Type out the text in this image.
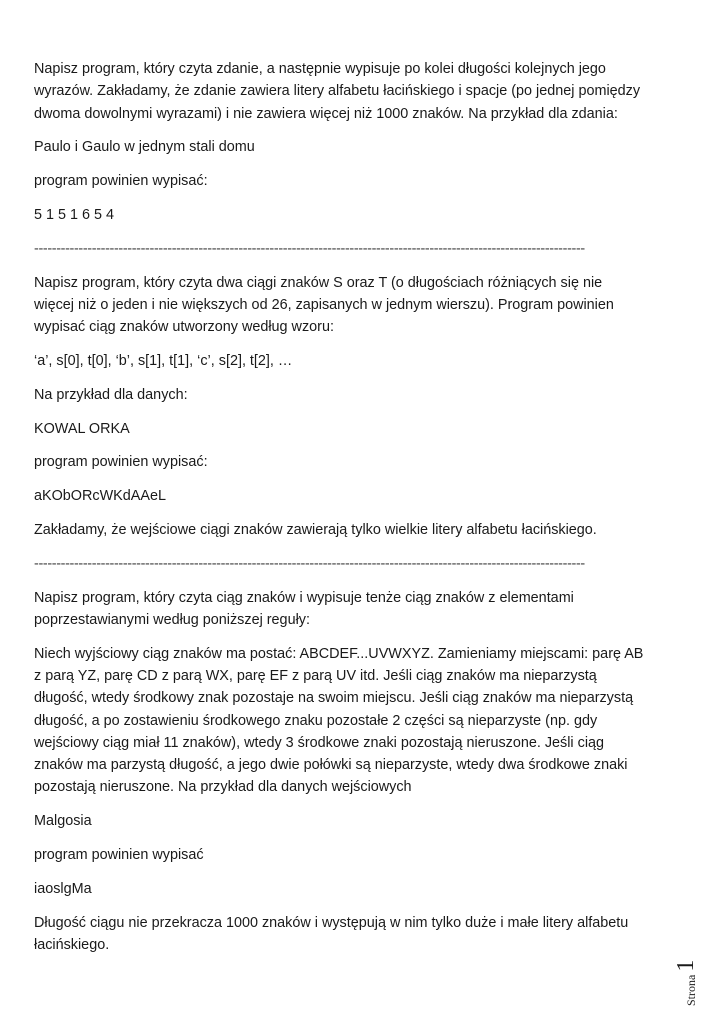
Napisz program, który czyta zdanie, a następnie wypisuje po kolei długości kolejnych jego wyrazów. Zakładamy, że zdanie zawiera litery alfabetu łacińskiego i spacje (po jednej pomiędzy dwoma dowolnymi wyrazami) i nie zawiera więcej niż 1000 znaków. Na przykład dla zdania:

Paulo i Gaulo w jednym stali domu

program powinien wypisać:

5 1 5 1 6 5 4

----------------------------------------------------------------------------------------------------------------------------

Napisz program, który czyta dwa ciągi znaków S oraz T (o długościach różniących się nie więcej niż o jeden i nie większych od 26, zapisanych w jednym wierszu). Program powinien wypisać ciąg znaków utworzony według wzoru:

‘a’, s[0], t[0], ‘b’, s[1], t[1], ‘c’, s[2], t[2], …

Na przykład dla danych:

KOWAL ORKA

program powinien wypisać:

aKObORcWKdAAeL

Zakładamy, że wejściowe ciągi znaków zawierają tylko wielkie litery alfabetu łacińskiego.

----------------------------------------------------------------------------------------------------------------------------

Napisz program, który czyta ciąg znaków i wypisuje tenże ciąg znaków z elementami poprzestawianymi według poniższej reguły:

Niech wyjściowy ciąg znaków ma postać: ABCDEF...UVWXYZ. Zamieniamy miejscami: parę AB z parą YZ, parę CD z parą WX, parę EF z parą UV itd. Jeśli ciąg znaków ma nieparzystą długość, wtedy środkowy znak pozostaje na swoim miejscu. Jeśli ciąg znaków ma nieparzystą długość, a po zostawieniu środkowego znaku pozostałe 2 części są nieparzyste (np. gdy wejściowy ciąg miał 11 znaków), wtedy 3 środkowe znaki pozostają nieruszone. Jeśli ciąg znaków ma parzystą długość, a jego dwie połówki są nieparzyste, wtedy dwa środkowe znaki pozostają nieruszone. Na przykład dla danych wejściowych

Malgosia

program powinien wypisać

iaoslgMa

Długość ciągu nie przekracza 1000 znaków i występują w nim tylko duże i małe litery alfabetu łacińskiego.

Strona
1
